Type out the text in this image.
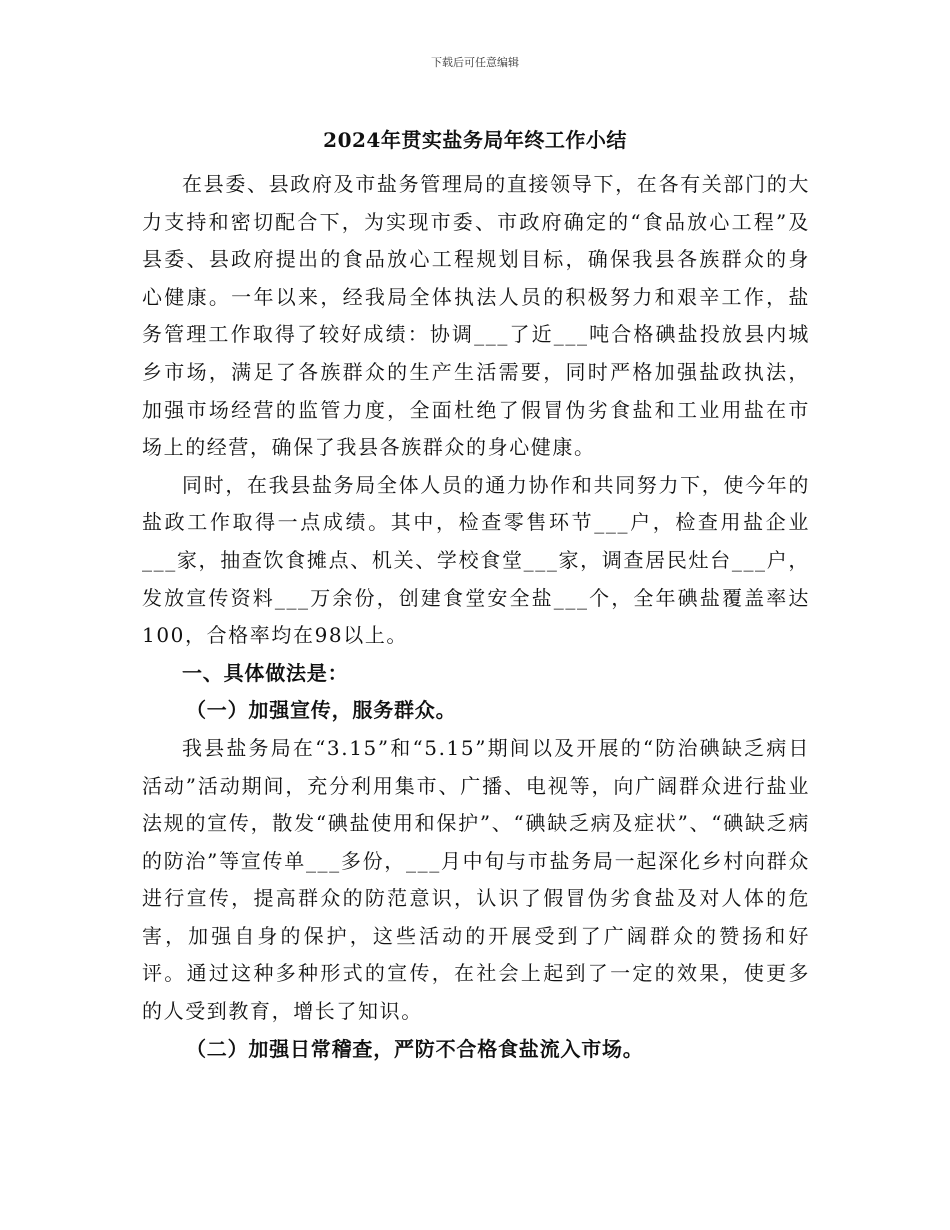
下载后可任意编辑
2024年贯实盐务局年终工作小结

在县委、县政府及市盐务管理局的直接领导下，在各有关部门的大力支持和密切配合下，为实现市委、市政府确定的“食品放心工程”及县委、县政府提出的食品放心工程规划目标，确保我县各族群众的身心健康。一年以来，经我局全体执法人员的积极努力和艰辛工作，盐务管理工作取得了较好成绩：协调___了近___吨合格碘盐投放县内城乡市场，满足了各族群众的生产生活需要，同时严格加强盐政执法，加强市场经营的监管力度，全面杜绝了假冒伪劣食盐和工业用盐在市场上的经营，确保了我县各族群众的身心健康。

同时，在我县盐务局全体人员的通力协作和共同努力下，使今年的盐政工作取得一点成绩。其中，检查零售环节___户，检查用盐企业___家，抽查饮食摊点、机关、学校食堂___家，调查居民灶台___户，发放宣传资料___万余份，创建食堂安全盐___个，全年碘盐覆盖率达100，合格率均在98以上。

一、具体做法是：
（一）加强宣传，服务群众。

我县盐务局在“3.15”和“5.15”期间以及开展的“防治碘缺乏病日活动”活动期间，充分利用集市、广播、电视等，向广阔群众进行盐业法规的宣传，散发“碘盐使用和保护”、“碘缺乏病及症状”、“碘缺乏病的防治”等宣传单___多份，___月中旬与市盐务局一起深化乡村向群众进行宣传，提高群众的防范意识，认识了假冒伪劣食盐及对人体的危害，加强自身的保护，这些活动的开展受到了广阔群众的赞扬和好评。通过这种多种形式的宣传，在社会上起到了一定的效果，使更多的人受到教育，增长了知识。

（二）加强日常稽查，严防不合格食盐流入市场。
